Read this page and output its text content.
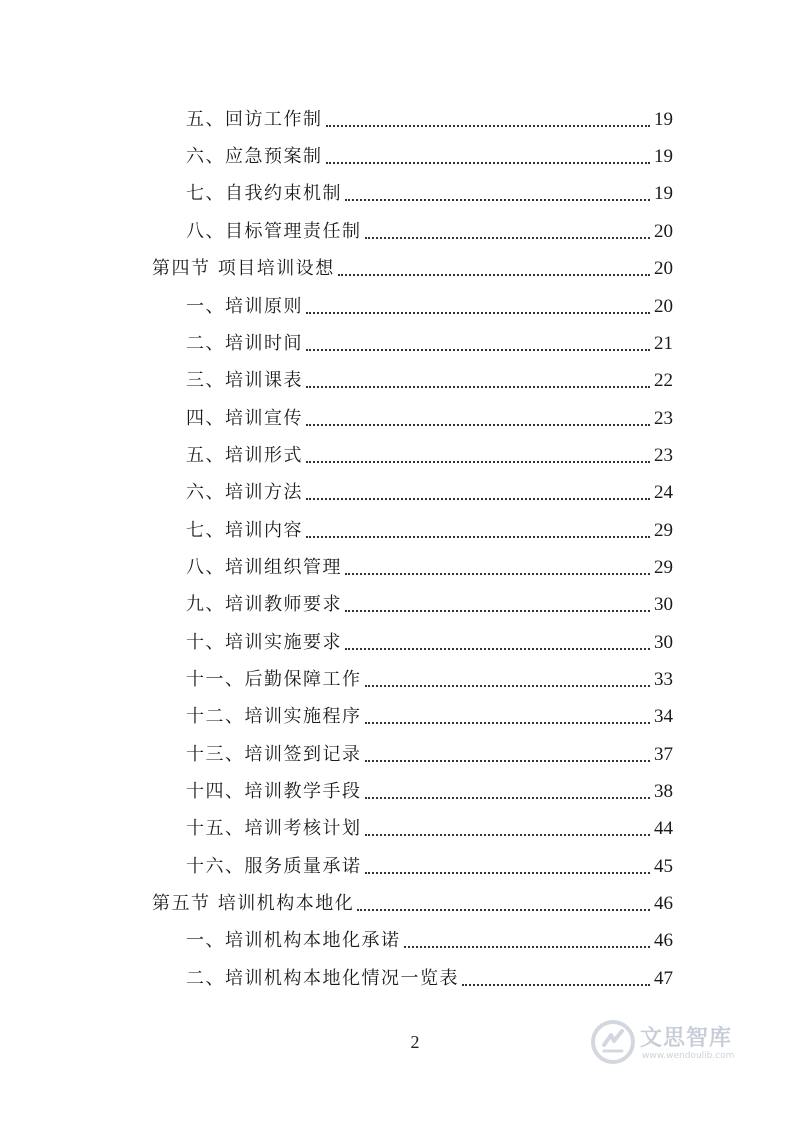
五、回访工作制	19
六、应急预案制	19
七、自我约束机制	19
八、目标管理责任制	20
第四节 项目培训设想	20
一、培训原则	20
二、培训时间	21
三、培训课表	22
四、培训宣传	23
五、培训形式	23
六、培训方法	24
七、培训内容	29
八、培训组织管理	29
九、培训教师要求	30
十、培训实施要求	30
十一、后勤保障工作	33
十二、培训实施程序	34
十三、培训签到记录	37
十四、培训教学手段	38
十五、培训考核计划	44
十六、服务质量承诺	45
第五节 培训机构本地化	46
一、培训机构本地化承诺	46
二、培训机构本地化情况一览表	47
2	文思智库
www.wendoulib.com
